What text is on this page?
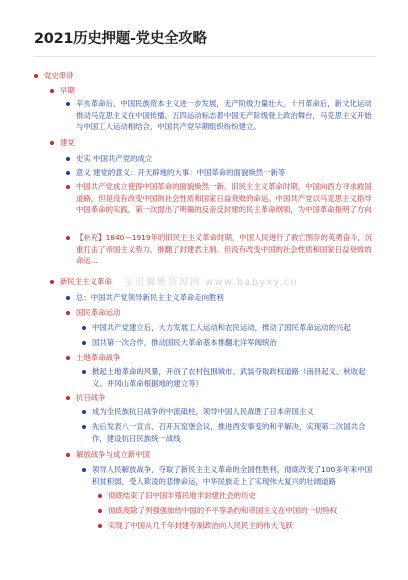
2021历史押题-党史全攻略
党史串讲
早期
辛亥革命后，中国民族资本主义进一步发展，无产阶级力量壮大。十月革命后，新文化运动推动马克思主义在中国传播。五四运动标志着中国无产阶级登上政治舞台，马克思主义开始与中国工人运动相结合，中国共产党早期组织纷纷建立。
建党
史实 中国共产党的成立
意义 建党的意义：开天辟地的大事：中国革命的面貌焕然一新等
中国共产党成立使得中国革命的面貌焕然一新。旧民主主义革命时期，中国向西方寻求救国道路，但是没有改变中国的社会性质和国家日益衰败的命运。中国共产党以马克思主义指导中国革命的实践，第一次提出了明确的反帝反封建的民主革命纲领，为中国革命指明了方向
【补充】1840—1919年的旧民主主义革命时期，中国人民进行了救亡图存的英勇奋斗，沉重打击了帝国主义势力，推翻了封建君主制。但没有改变中国的社会性质和国家日益衰败的命运...
新民主主义革命
总：中国共产党领导新民主主义革命走向胜利
国民革命运动
中国共产党建立后，大力发展工人运动和农民运动，推动了国民革命运动的兴起
国共第一次合作，推动国民大革命基本推翻北洋军阀统治
土地革命战争
掀起土地革命的风暴，开创了农村包围城市、武装夺取政权道路（南昌起义、秋收起义、井冈山革命根据地的建立等）
抗日战争
成为全民族抗日战争的中流砥柱，领导中国人民战胜了日本帝国主义
先后发表八一宣言、召开瓦窑堡会议，推进西安事变的和平解决，实现第二次国共合作，建设抗日民族统一战线
解放战争与成立新中国
领导人民解放战争，夺取了新民主主义革命的全国性胜利，彻底改变了100多年来中国积贫积弱，受人欺凌的悲惨命运，中华民族走上了实现伟大复兴的壮阔道路
彻底结束了旧中国半殖民地半封建社会的历史
彻底废除了列强强加给中国的不平等条约和帝国主义在中国的一切特权
实现了中国从几千年封建专制政治向人民民主的伟大飞跃
宝贝馨雅资源网 www.babyxy.cn
